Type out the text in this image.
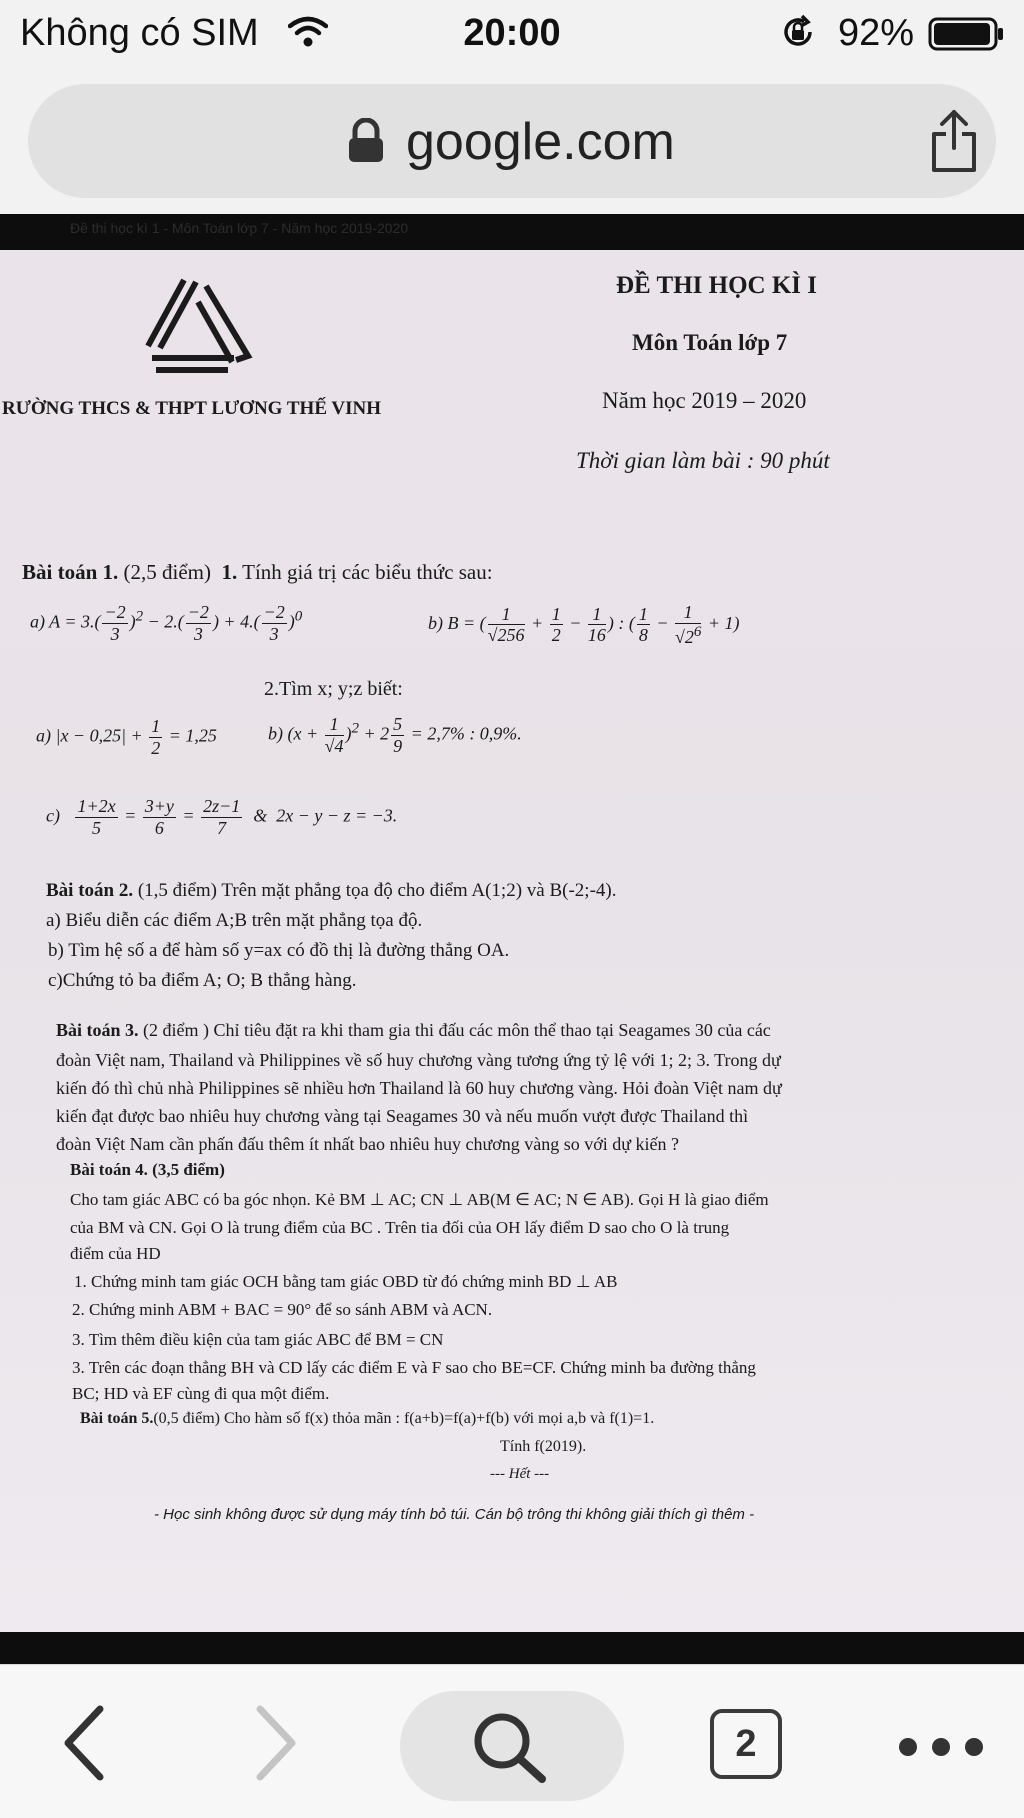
Không có SIM	20:00	92%
google.com
Đề thi học kì 1 - Môn Toán lớp 7 - Năm học 2019-2020
RƯỜNG THCS & THPT LƯƠNG THẾ VINH
ĐỀ THI HỌC KÌ I
Môn Toán lớp 7
Năm học 2019 – 2020
Thời gian làm bài : 90 phút
Bài toán 1. (2,5 điểm) 1. Tính giá trị các biểu thức sau:
a) $A = 3.( \frac{-2}{3} )^2 - 2.( \frac{-2}{3}$ ) + $4.( \frac{-2}{3} )^0$	b) B = ( $\frac{1}{√256} + \frac{1}{2} - \frac{1}{16}$ ) : ( $\frac{1}{8} - \frac{1}{√2^6} + 1$)
2.Tìm x; y;z biết:
a) $|x - 0,25| + \frac{1}{2} = 1,25$	b) $(x + \frac{1}{√4} )^2 + 2 \frac{5}{9} = 2,7\%$ : 0,9%.
$c) \frac{1+2x}{5} = \frac{3+y}{6} = \frac{2z-1}{7}$ &  2x − y − z = −3.
Bài toán 2. (1,5 điểm) Trên mặt phẳng tọa độ cho điểm A(1;2) và B(-2;-4).
a) Biểu diễn các điểm A;B trên mặt phẳng tọa độ.
b) Tìm hệ số a để hàm số y=ax có đồ thị là đường thẳng OA.
c)Chứng tỏ ba điểm A; O; B thẳng hàng.
Bài toán 3. (2 điểm ) Chỉ tiêu đặt ra khi tham gia thi đấu các môn thể thao tại Seagames 30 của các
đoàn Việt nam, Thailand và Philippines về số huy chương vàng tương ứng tỷ lệ với 1; 2; 3. Trong dự
kiến đó thì chủ nhà Philippines sẽ nhiều hơn Thailand là 60 huy chương vàng. Hỏi đoàn Việt nam dự
kiến đạt được bao nhiêu huy chương vàng tại Seagames 30 và nếu muốn vượt được Thailand thì
đoàn Việt Nam cần phấn đấu thêm ít nhất bao nhiêu huy chương vàng so với dự kiến ?
Bài toán 4. (3,5 điểm)
Cho tam giác ABC có ba góc nhọn. Kẻ BM ⊥ AC; CN ⊥ AB(M ∈ AC; N ∈ AB). Gọi H là giao điểm
của BM và CN. Gọi O là trung điểm của BC . Trên tia đối của OH lấy điểm D sao cho O là trung
điểm của HD
1. Chứng minh tam giác OCH bằng tam giác OBD từ đó chứng minh BD ⊥ AB
2. Chứng minh ABM + BAC = 90° để so sánh ABM và ACN.
3. Tìm thêm điều kiện của tam giác ABC để BM = CN
3. Trên các đoạn thẳng BH và CD lấy các điểm E và F sao cho BE=CF. Chứng minh ba đường thẳng
BC; HD và EF cùng đi qua một điểm.
Bài toán 5.(0,5 điểm) Cho hàm số f(x) thỏa mãn : f(a+b)=f(a)+f(b) với mọi a,b và f(1)=1.
Tính f(2019).
--- Hết ---
- Học sinh không được sử dụng máy tính bỏ túi. Cán bộ trông thi không giải thích gì thêm -
2
